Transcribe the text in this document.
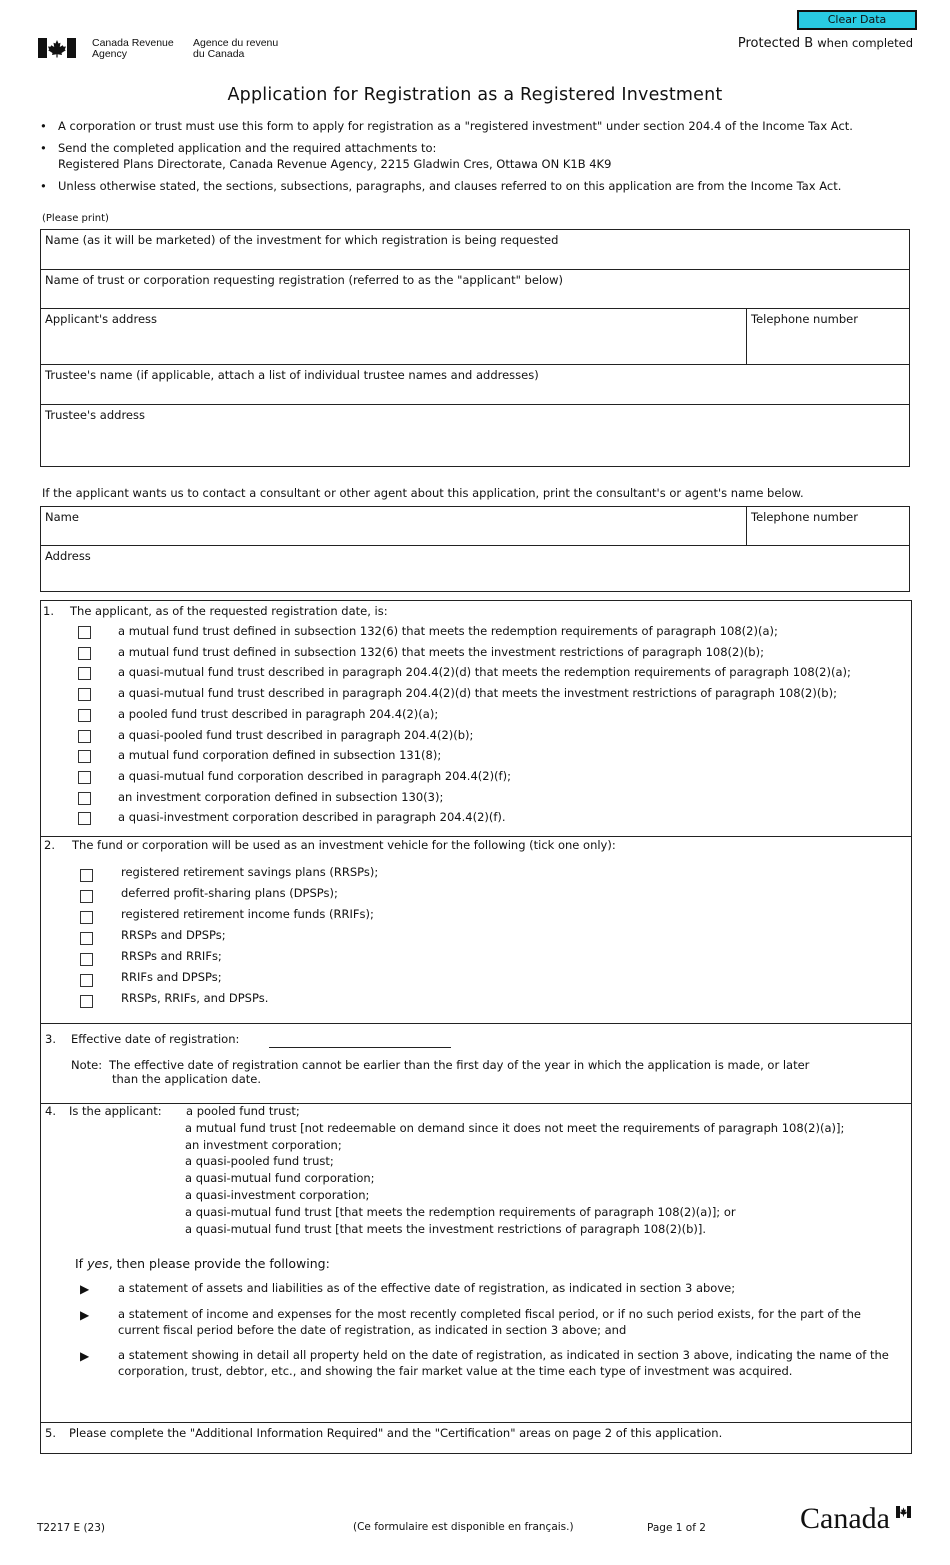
Clear Data
Protected B when completed
Canada Revenue
Agency
Agence du revenu
du Canada
Application for Registration as a Registered Investment
• A corporation or trust must use this form to apply for registration as a "registered investment" under section 204.4 of the Income Tax Act.
• Send the completed application and the required attachments to:
Registered Plans Directorate, Canada Revenue Agency, 2215 Gladwin Cres, Ottawa ON K1B 4K9
• Unless otherwise stated, the sections, subsections, paragraphs, and clauses referred to on this application are from the Income Tax Act.
(Please print)
Name (as it will be marketed) of the investment for which registration is being requested
Name of trust or corporation requesting registration (referred to as the "applicant" below)
Applicant's address	Telephone number
Trustee's name (if applicable, attach a list of individual trustee names and addresses)
Trustee's address
If the applicant wants us to contact a consultant or other agent about this application, print the consultant's or agent's name below.
Name	Telephone number
Address
1. The applicant, as of the requested registration date, is:
2. The fund or corporation will be used as an investment vehicle for the following (tick one only):
3. Effective date of registration:
Note: The effective date of registration cannot be earlier than the first day of the year in which the application is made, or later
than the application date.
4. Is the applicant:
If yes, then please provide the following:
5. Please complete the "Additional Information Required" and the "Certification" areas on page 2 of this application.
T2217 E (23)	(Ce formulaire est disponible en français.)	Page 1 of 2	Canada
a mutual fund trust defined in subsection 132(6) that meets the redemption requirements of paragraph 108(2)(a);
a mutual fund trust defined in subsection 132(6) that meets the investment restrictions of paragraph 108(2)(b);
a quasi-mutual fund trust described in paragraph 204.4(2)(d) that meets the redemption requirements of paragraph 108(2)(a);
a quasi-mutual fund trust described in paragraph 204.4(2)(d) that meets the investment restrictions of paragraph 108(2)(b);
a pooled fund trust described in paragraph 204.4(2)(a);
a quasi-pooled fund trust described in paragraph 204.4(2)(b);
a mutual fund corporation defined in subsection 131(8);
a quasi-mutual fund corporation described in paragraph 204.4(2)(f);
an investment corporation defined in subsection 130(3);
a quasi-investment corporation described in paragraph 204.4(2)(f).
registered retirement savings plans (RRSPs);
deferred profit-sharing plans (DPSPs);
registered retirement income funds (RRIFs);
RRSPs and DPSPs;
RRSPs and RRIFs;
RRIFs and DPSPs;
RRSPs, RRIFs, and DPSPs.
a pooled fund trust;
a mutual fund trust [not redeemable on demand since it does not meet the requirements of paragraph 108(2)(a)];
an investment corporation;
a quasi-pooled fund trust;
a quasi-mutual fund corporation;
a quasi-investment corporation;
a quasi-mutual fund trust [that meets the redemption requirements of paragraph 108(2)(a)]; or
a quasi-mutual fund trust [that meets the investment restrictions of paragraph 108(2)(b)].
▶	a statement of assets and liabilities as of the effective date of registration, as indicated in section 3 above;
▶	a statement of income and expenses for the most recently completed fiscal period, or if no such period exists, for the part of the
current fiscal period before the date of registration, as indicated in section 3 above; and
▶	a statement showing in detail all property held on the date of registration, as indicated in section 3 above, indicating the name of the
corporation, trust, debtor, etc., and showing the fair market value at the time each type of investment was acquired.
